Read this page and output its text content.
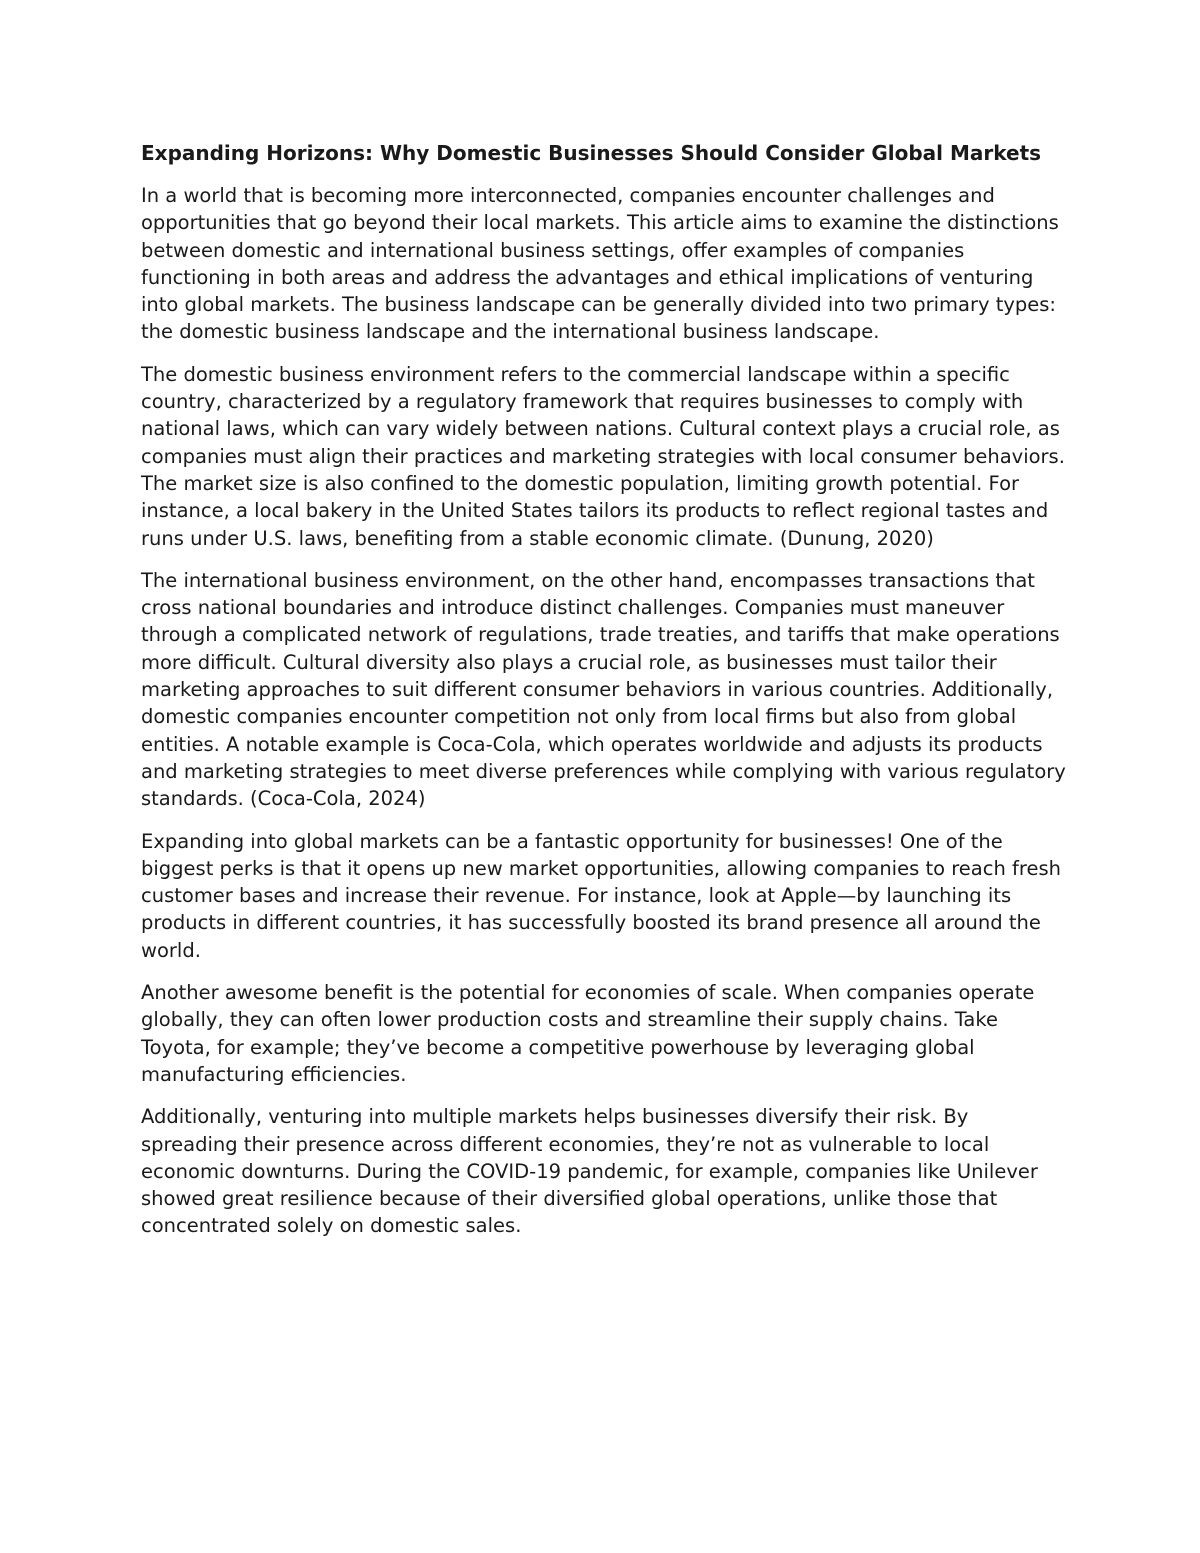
Expanding Horizons: Why Domestic Businesses Should Consider Global Markets

In a world that is becoming more interconnected, companies encounter challenges and opportunities that go beyond their local markets. This article aims to examine the distinctions between domestic and international business settings, offer examples of companies functioning in both areas and address the advantages and ethical implications of venturing into global markets. The business landscape can be generally divided into two primary types: the domestic business landscape and the international business landscape.

The domestic business environment refers to the commercial landscape within a specific country, characterized by a regulatory framework that requires businesses to comply with national laws, which can vary widely between nations. Cultural context plays a crucial role, as companies must align their practices and marketing strategies with local consumer behaviors. The market size is also confined to the domestic population, limiting growth potential. For instance, a local bakery in the United States tailors its products to reflect regional tastes and runs under U.S. laws, benefiting from a stable economic climate. (Dunung, 2020)

The international business environment, on the other hand, encompasses transactions that cross national boundaries and introduce distinct challenges. Companies must maneuver through a complicated network of regulations, trade treaties, and tariffs that make operations more difficult. Cultural diversity also plays a crucial role, as businesses must tailor their marketing approaches to suit different consumer behaviors in various countries. Additionally, domestic companies encounter competition not only from local firms but also from global entities. A notable example is Coca-Cola, which operates worldwide and adjusts its products and marketing strategies to meet diverse preferences while complying with various regulatory standards. (Coca-Cola, 2024)

Expanding into global markets can be a fantastic opportunity for businesses! One of the biggest perks is that it opens up new market opportunities, allowing companies to reach fresh customer bases and increase their revenue. For instance, look at Apple—by launching its products in different countries, it has successfully boosted its brand presence all around the world.

Another awesome benefit is the potential for economies of scale. When companies operate globally, they can often lower production costs and streamline their supply chains. Take Toyota, for example; they’ve become a competitive powerhouse by leveraging global manufacturing efficiencies.

Additionally, venturing into multiple markets helps businesses diversify their risk. By spreading their presence across different economies, they’re not as vulnerable to local economic downturns. During the COVID-19 pandemic, for example, companies like Unilever showed great resilience because of their diversified global operations, unlike those that concentrated solely on domestic sales.
